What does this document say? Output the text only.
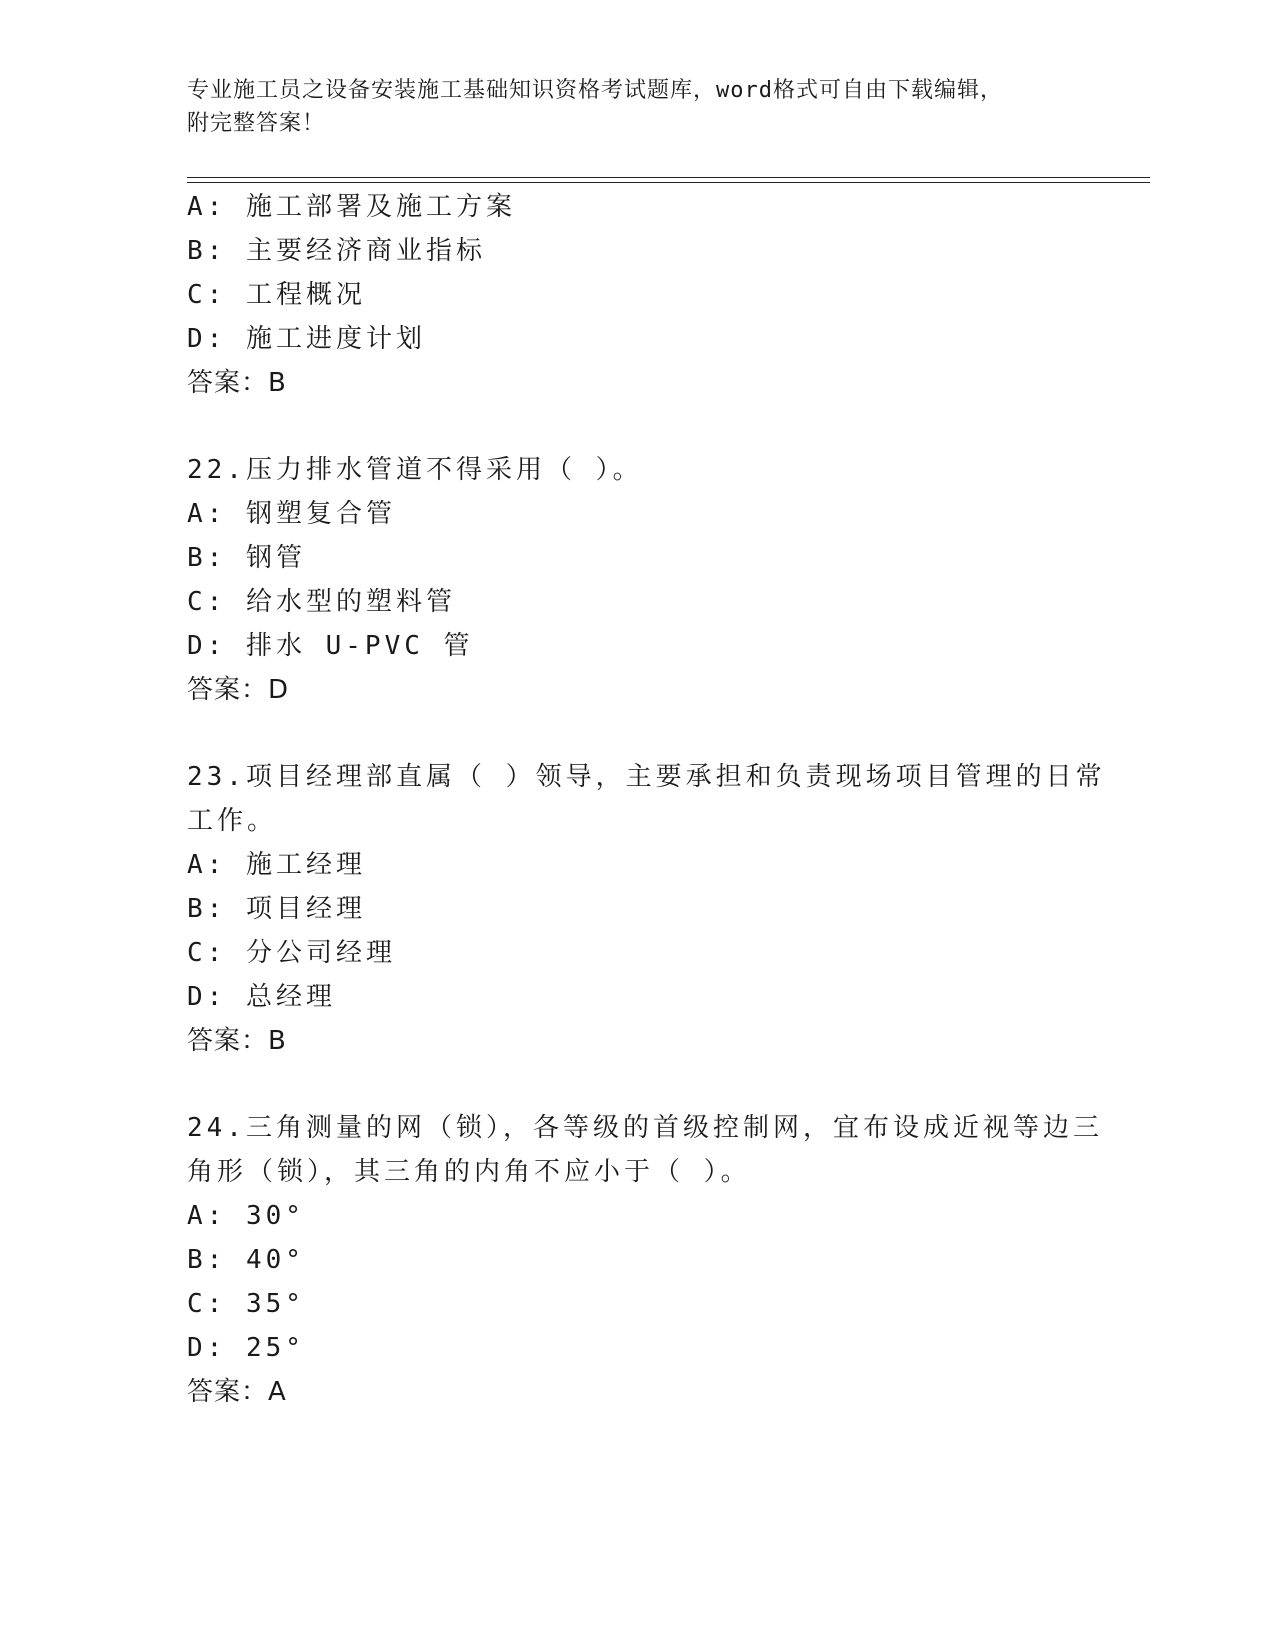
专业施工员之设备安装施工基础知识资格考试题库，word格式可自由下载编辑，
附完整答案！
A: 施工部署及施工方案
B: 主要经济商业指标
C: 工程概况
D: 施工进度计划
答案：B
22.压力排水管道不得采用（ ）。
A: 钢塑复合管
B: 钢管
C: 给水型的塑料管
D: 排水 U-PVC 管
答案：D
23.项目经理部直属（ ）领导，主要承担和负责现场项目管理的日常
工作。
A: 施工经理
B: 项目经理
C: 分公司经理
D: 总经理
答案：B
24.三角测量的网（锁），各等级的首级控制网，宜布设成近视等边三
角形（锁），其三角的内角不应小于（ ）。
A: 30°
B: 40°
C: 35°
D: 25°
答案：A
